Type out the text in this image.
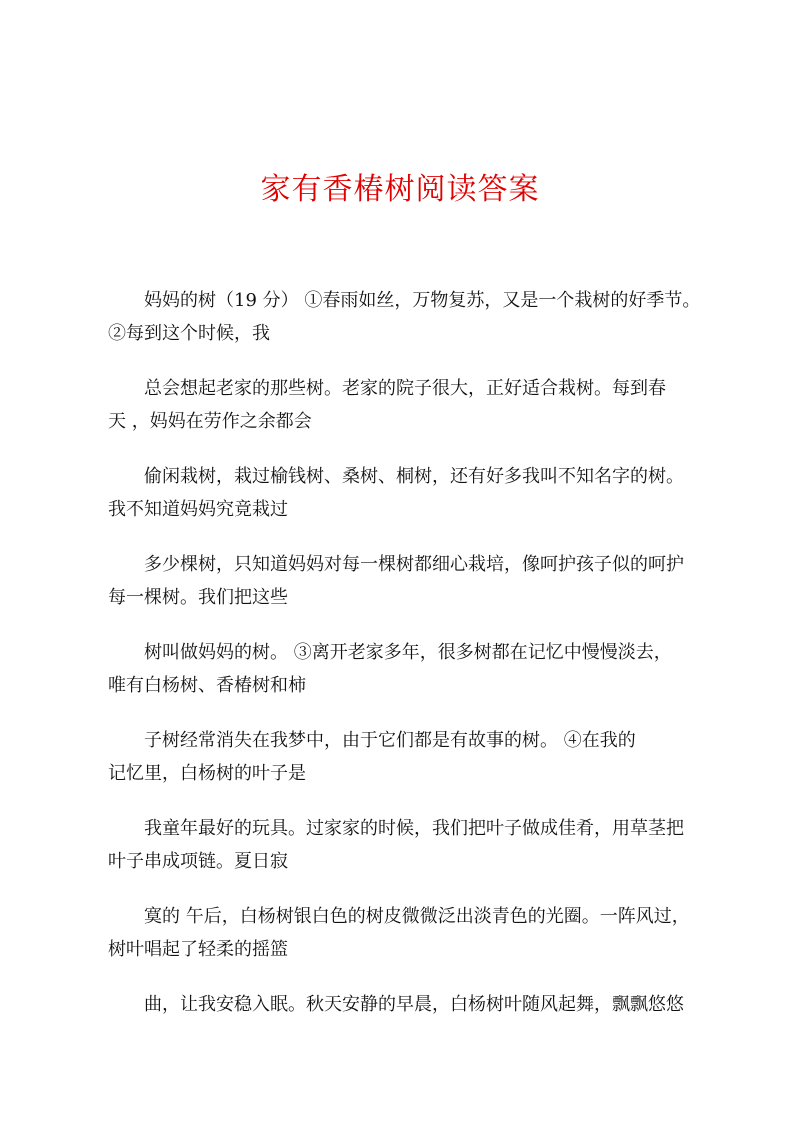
家有香椿树阅读答案

妈妈的树（19 分） ①春雨如丝，万物复苏，又是一个栽树的好季节。
②每到这个时候，我

总会想起老家的那些树。老家的院子很大，正好适合栽树。每到春
天 ，妈妈在劳作之余都会

偷闲栽树，栽过榆钱树、桑树、桐树，还有好多我叫不知名字的树。
我不知道妈妈究竟栽过

多少棵树，只知道妈妈对每一棵树都细心栽培，像呵护孩子似的呵护
每一棵树。我们把这些

树叫做妈妈的树。 ③离开老家多年，很多树都在记忆中慢慢淡去，
唯有白杨树、香椿树和柿

子树经常消失在我梦中，由于它们都是有故事的树。 ④在我的
记忆里，白杨树的叶子是

我童年最好的玩具。过家家的时候，我们把叶子做成佳肴，用草茎把
叶子串成项链。夏日寂

寞的 午后，白杨树银白色的树皮微微泛出淡青色的光圈。一阵风过，
树叶唱起了轻柔的摇篮

曲，让我安稳入眠。秋天安静的早晨，白杨树叶随风起舞，飘飘悠悠
